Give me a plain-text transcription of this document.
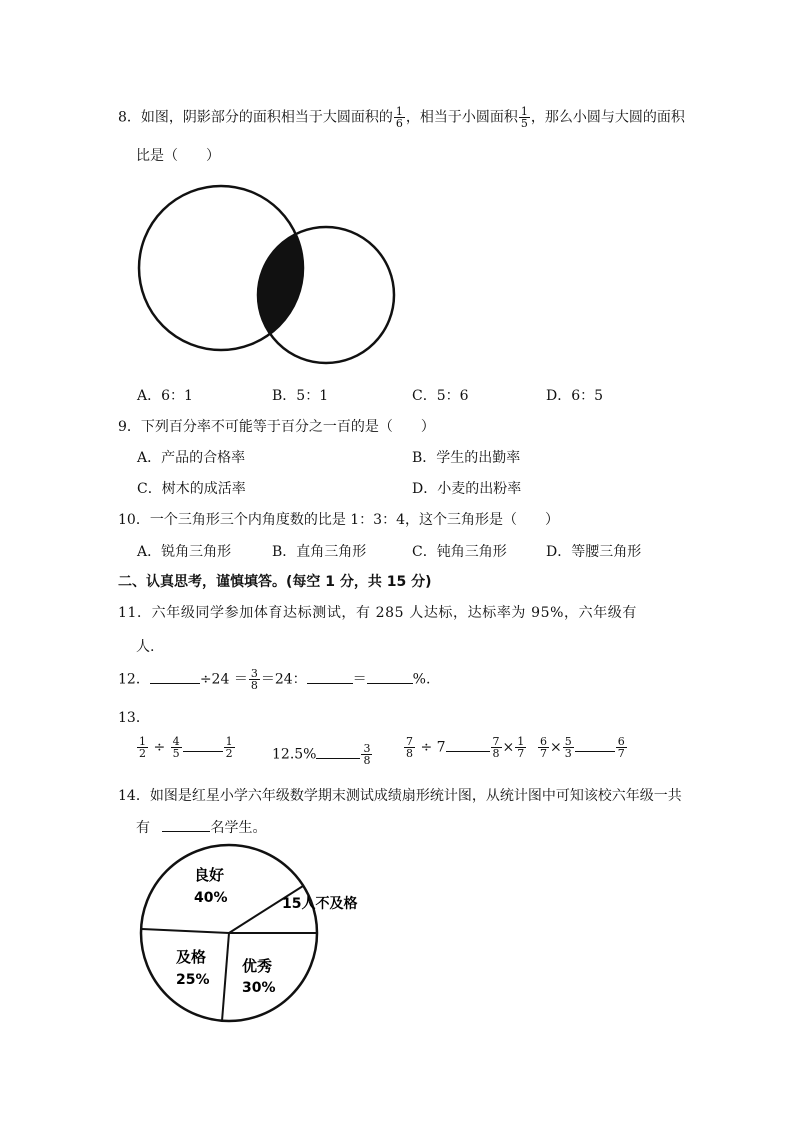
8．如图，阴影部分的面积相当于大圆面积的 $\frac{1}{6}$ ，相当于小圆面积 $\frac{1}{5}$ ，那么小圆与大圆的面积
比是（　　）
A．6：1	B．5：1	C．5：6	D．6：5
9．下列百分率不可能等于百分之一百的是（　　）
A．产品的合格率	B．学生的出勤率
C．树木的成活率	D．小麦的出粉率
10．一个三角形三个内角度数的比是 1：3：4，这个三角形是（　　）
A．锐角三角形	B．直角三角形	C．钝角三角形	D．等腰三角形
二、认真思考，谨慎填答。(每空 1 分，共 15 分)
11．六年级同学参加体育达标测试，有 285 人达标，达标率为 95%，六年级有
人.
12．	$\div 24 = \frac{3}{8} =24$：	＝	%.
13．
$\frac{1}{2} \div \frac{4}{5}$	$\frac{1}{2}$	12.5%	$\frac{3}{8}$	$\frac{7}{8} \div 7$	$\frac{7}{8} \times \frac{1}{7} \frac{6}{7} \times \frac{5}{3}$	$\frac{6}{7}$
14．如图是红星小学六年级数学期末测试成绩扇形统计图，从统计图中可知该校六年级一共
有	名学生。
良好
40%	15人不及格
及格
25%
优秀
30%
